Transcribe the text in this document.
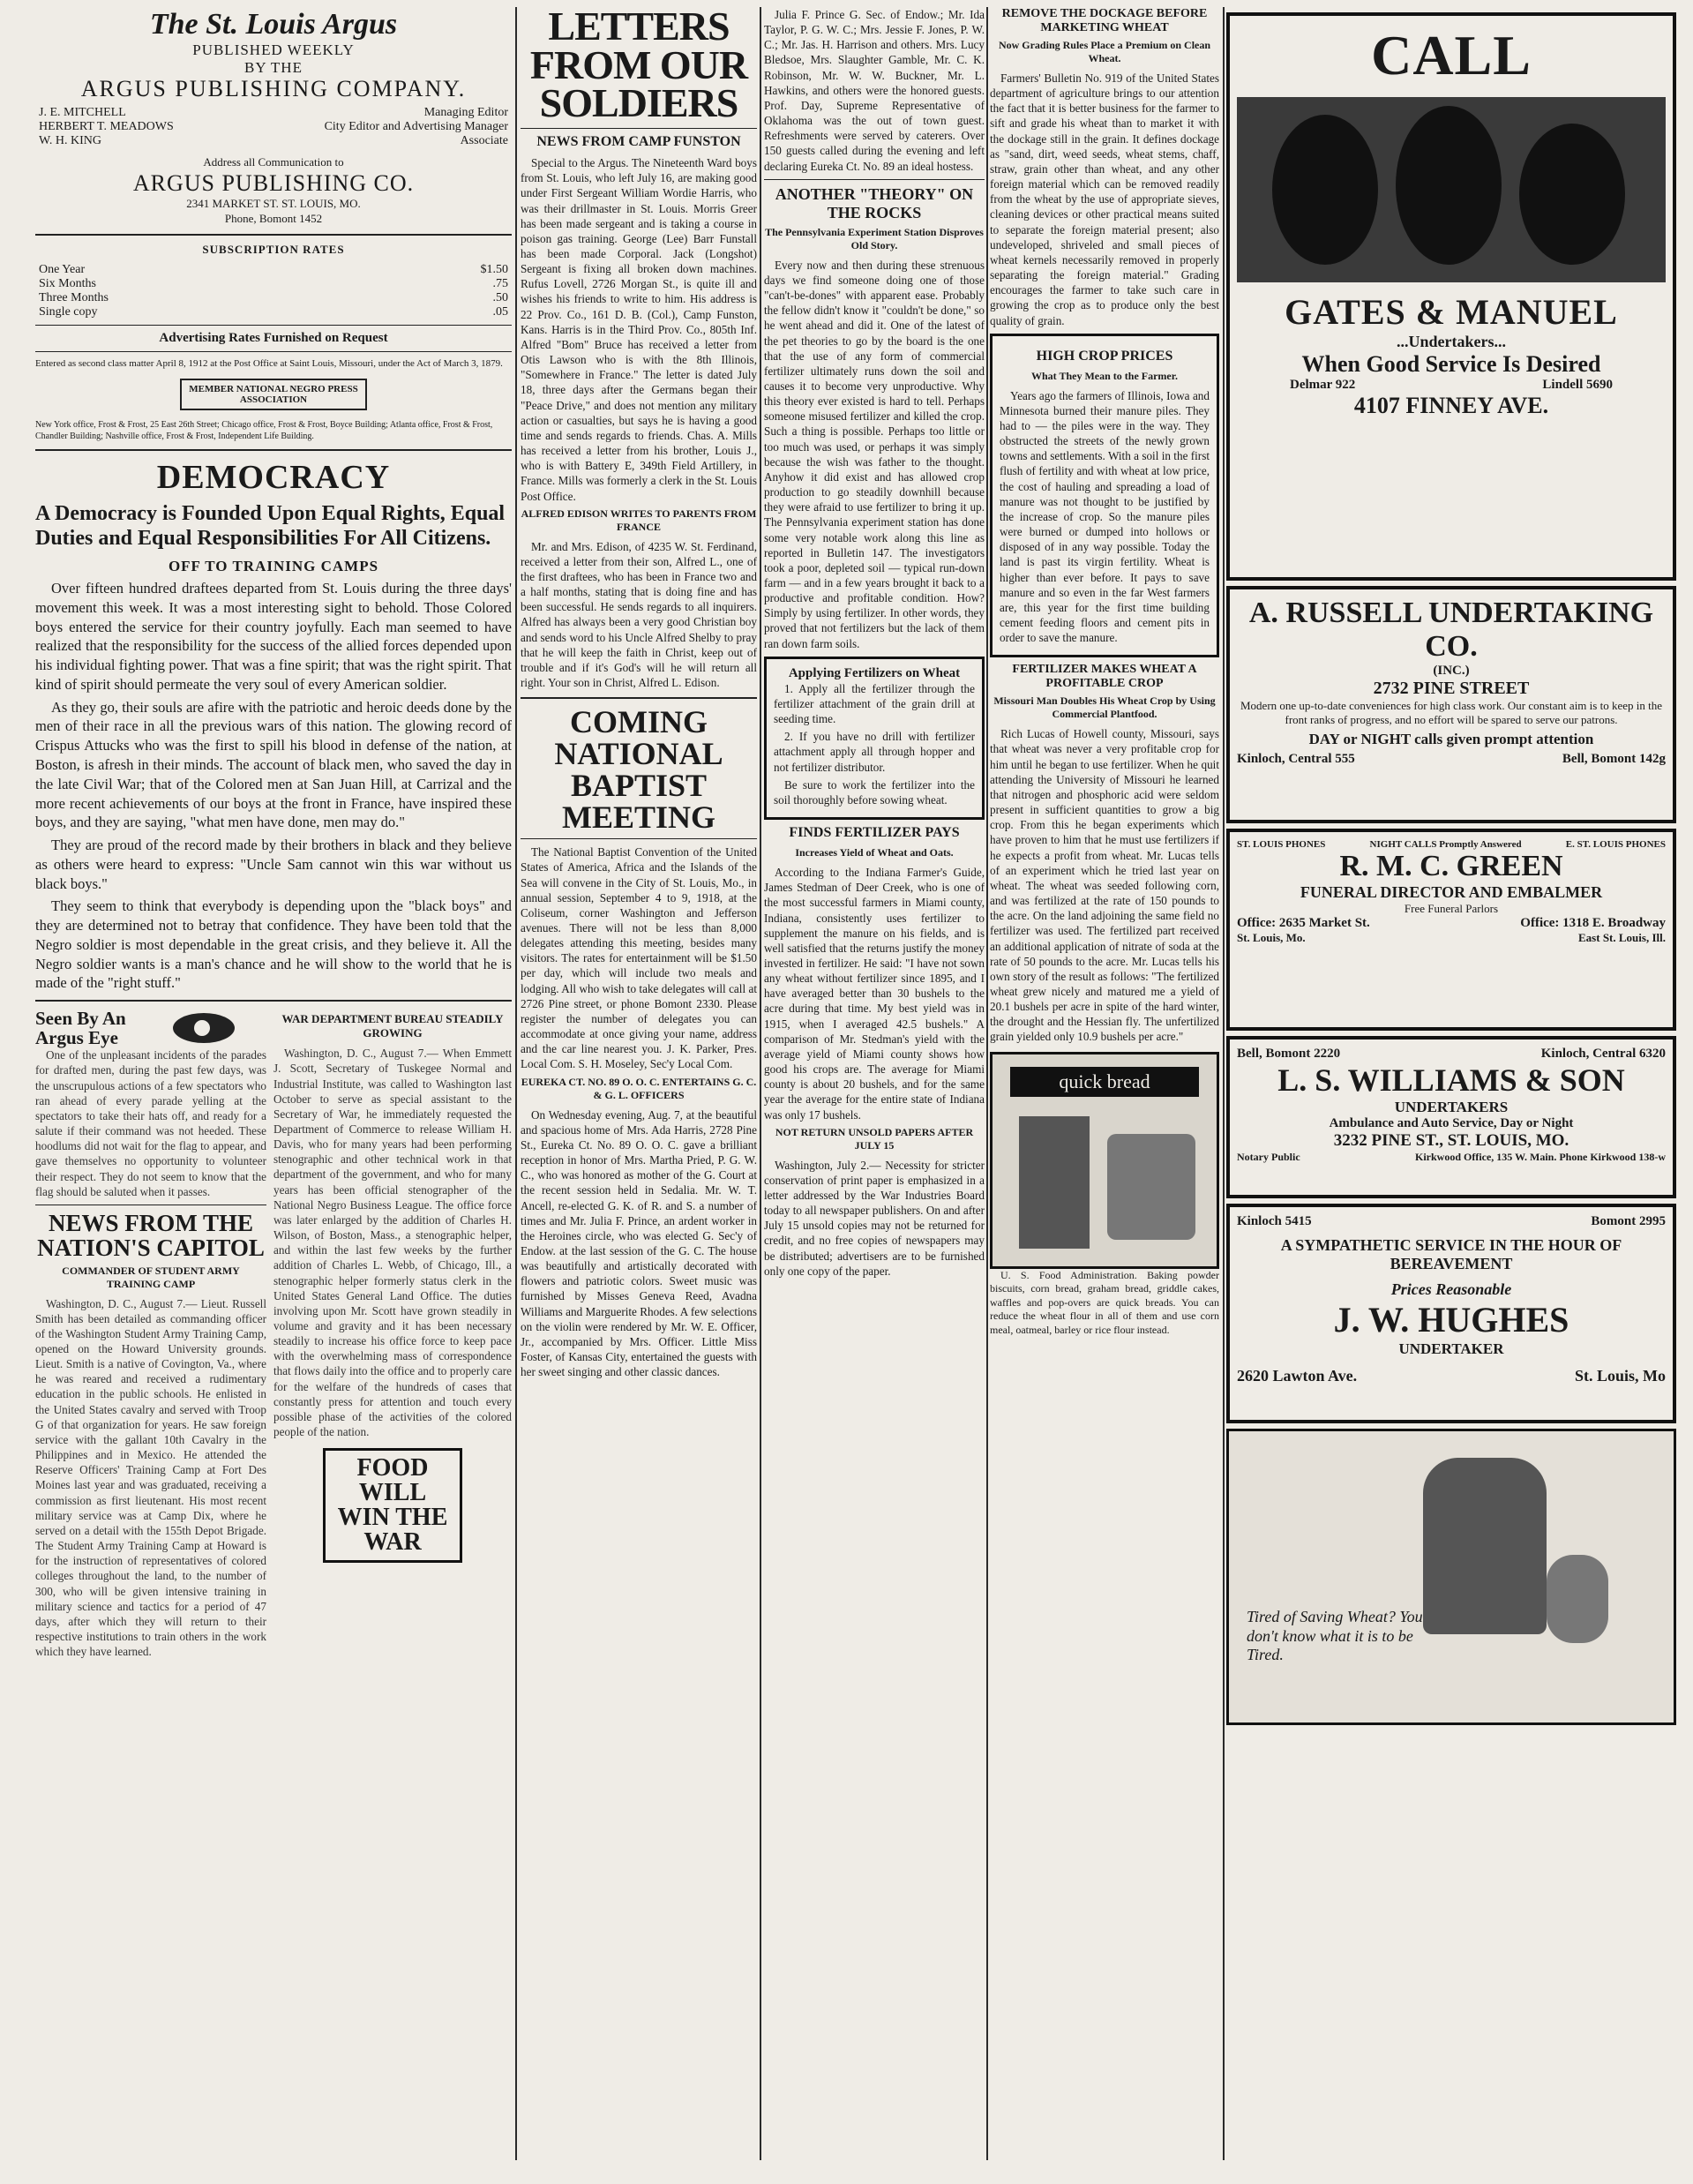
The St. Louis Argus
PUBLISHED WEEKLY
BY THE
ARGUS PUBLISHING COMPANY.
J. E. MITCHELL	Managing Editor
HERBERT T. MEADOWS	City Editor and Advertising Manager
W. H. KING	Associate
Address all Communication to
ARGUS PUBLISHING CO.
2341 MARKET ST. ST. LOUIS, MO.
Phone, Bomont 1452
SUBSCRIPTION RATES
One Year	$1.50
Six Months	.75
Three Months	.50
Single copy	.05
Advertising Rates Furnished on Request
Entered as second class matter April 8, 1912 at the Post Office at Saint Louis, Missouri, under the Act of March 3, 1879.
MEMBER NATIONAL NEGRO PRESS ASSOCIATION
New York office, Frost & Frost, 25 East 26th Street; Chicago office, Frost & Frost, Boyce Building; Atlanta office, Frost & Frost, Chandler Building; Nashville office, Frost & Frost, Independent Life Building.
DEMOCRACY
A Democracy is Founded Upon Equal Rights, Equal Duties and Equal Responsibilities For All Citizens.
OFF TO TRAINING CAMPS

Over fifteen hundred draftees departed from St. Louis during the three days' movement this week. It was a most interesting sight to behold. Those Colored boys entered the service for their country joyfully. Each man seemed to have realized that the responsibility for the success of the allied forces depended upon his individual fighting power. That was a fine spirit; that was the right spirit. That kind of spirit should permeate the very soul of every American soldier.

As they go, their souls are afire with the patriotic and heroic deeds done by the men of their race in all the previous wars of this nation. The glowing record of Crispus Attucks who was the first to spill his blood in defense of the nation, at Boston, is afresh in their minds. The account of black men, who saved the day in the late Civil War; that of the Colored men at San Juan Hill, at Carrizal and the more recent achievements of our boys at the front in France, have inspired these boys, and they are saying, "what men have done, men may do."

They are proud of the record made by their brothers in black and they believe as others were heard to express: "Uncle Sam cannot win this war without us black boys."

They seem to think that everybody is depending upon the "black boys" and they are determined not to betray that confidence. They have been told that the Negro soldier is most dependable in the great crisis, and they believe it. All the Negro soldier wants is a man's chance and he will show to the world that he is made of the "right stuff."

Seen By An Argus Eye

One of the unpleasant incidents of the parades for drafted men, during the past few days, was the unscrupulous actions of a few spectators who ran ahead of every parade yelling at the spectators to take their hats off, and ready for a salute if their command was not heeded. These hoodlums did not wait for the flag to appear, and gave themselves no opportunity to volunteer their respect. They do not seem to know that the flag should be saluted when it passes.

NEWS FROM THE NATION'S CAPITOL
COMMANDER OF STUDENT ARMY TRAINING CAMP

Washington, D. C., August 7.— Lieut. Russell Smith has been detailed as commanding officer of the Washington Student Army Training Camp, opened on the Howard University grounds. Lieut. Smith is a native of Covington, Va., where he was reared and received a rudimentary education in the public schools. He enlisted in the United States cavalry and served with Troop G of that organization for years. He saw foreign service with the gallant 10th Cavalry in the Philippines and in Mexico. He attended the Reserve Officers' Training Camp at Fort Des Moines last year and was graduated, receiving a commission as first lieutenant. His most recent military service was at Camp Dix, where he served on a detail with the 155th Depot Brigade. The Student Army Training Camp at Howard is for the instruction of representatives of colored colleges throughout the land, to the number of 300, who will be given intensive training in military science and tactics for a period of 47 days, after which they will return to their respective institutions to train others in the work which they have learned.

WAR DEPARTMENT BUREAU STEADILY GROWING

Washington, D. C., August 7.— When Emmett J. Scott, Secretary of Tuskegee Normal and Industrial Institute, was called to Washington last October to serve as special assistant to the Secretary of War, he immediately requested the Department of Commerce to release William H. Davis, who for many years had been performing stenographic and other technical work in that department of the government, and who for many years has been official stenographer of the National Negro Business League. The office force was later enlarged by the addition of Charles H. Wilson, of Boston, Mass., a stenographic helper, and within the last few weeks by the further addition of Charles L. Webb, of Chicago, Ill., a stenographic helper formerly status clerk in the United States General Land Office. The duties involving upon Mr. Scott have grown steadily in volume and gravity and it has been necessary steadily to increase his office force to keep pace with the overwhelming mass of correspondence that flows daily into the office and to properly care for the welfare of the hundreds of cases that constantly press for attention and touch every possible phase of the activities of the colored people of the nation.

FOOD WILL WIN THE WAR
LETTERS FROM OUR SOLDIERS
NEWS FROM CAMP FUNSTON

Special to the Argus. The Nineteenth Ward boys from St. Louis, who left July 16, are making good under First Sergeant William Wordie Harris, who was their drillmaster in St. Louis. Morris Greer has been made sergeant and is taking a course in poison gas training. George (Lee) Barr Funstall has been made Corporal. Jack (Longshot) Sergeant is fixing all broken down machines. Rufus Lovell, 2726 Morgan St., is quite ill and wishes his friends to write to him. His address is 22 Prov. Co., 161 D. B. (Col.), Camp Funston, Kans. Harris is in the Third Prov. Co., 805th Inf. Alfred "Bom" Bruce has received a letter from Otis Lawson who is with the 8th Illinois, "Somewhere in France." The letter is dated July 18, three days after the Germans began their "Peace Drive," and does not mention any military action or casualties, but says he is having a good time and sends regards to friends. Chas. A. Mills has received a letter from his brother, Louis J., who is with Battery E, 349th Field Artillery, in France. Mills was formerly a clerk in the St. Louis Post Office.

ALFRED EDISON WRITES TO PARENTS FROM FRANCE

Mr. and Mrs. Edison, of 4235 W. St. Ferdinand, received a letter from their son, Alfred L., one of the first draftees, who has been in France two and a half months, stating that is doing fine and has been successful. He sends regards to all inquirers. Alfred has always been a very good Christian boy and sends word to his Uncle Alfred Shelby to pray that he will keep the faith in Christ, keep out of trouble and if it's God's will he will return all right. Your son in Christ, Alfred L. Edison.

COMING NATIONAL BAPTIST MEETING

The National Baptist Convention of the United States of America, Africa and the Islands of the Sea will convene in the City of St. Louis, Mo., in annual session, September 4 to 9, 1918, at the Coliseum, corner Washington and Jefferson avenues. There will not be less than 8,000 delegates attending this meeting, besides many visitors. The rates for entertainment will be $1.50 per day, which will include two meals and lodging. All who wish to take delegates will call at 2726 Pine street, or phone Bomont 2330. Please register the number of delegates you can accommodate at once giving your name, address and the car line nearest you. J. K. Parker, Pres. Local Com. S. H. Moseley, Sec'y Local Com.

EUREKA CT. NO. 89 O. O. C. ENTERTAINS G. C. & G. L. OFFICERS

On Wednesday evening, Aug. 7, at the beautiful and spacious home of Mrs. Ada Harris, 2728 Pine St., Eureka Ct. No. 89 O. O. C. gave a brilliant reception in honor of Mrs. Martha Pried, P. G. W. C., who was honored as mother of the G. Court at the recent session held in Sedalia. Mr. W. T. Ancell, re-elected G. K. of R. and S. a number of times and Mr. Julia F. Prince, an ardent worker in the Heroines circle, who was elected G. Sec'y of Endow. at the last session of the G. C. The house was beautifully and artistically decorated with flowers and patriotic colors. Sweet music was furnished by Misses Geneva Reed, Avadna Williams and Marguerite Rhodes. A few selections on the violin were rendered by Mr. W. E. Officer, Jr., accompanied by Mrs. Officer. Little Miss Foster, of Kansas City, entertained the guests with her sweet singing and other classic dances.

Julia F. Prince G. Sec. of Endow.; Mr. Ida Taylor, P. G. W. C.; Mrs. Jessie F. Jones, P. W. C.; Mr. Jas. H. Harrison and others. Mrs. Lucy Bledsoe, Mrs. Slaughter Gamble, Mr. C. K. Robinson, Mr. W. W. Buckner, Mr. L. Hawkins, and others were the honored guests. Prof. Day, Supreme Representative of Oklahoma was the out of town guest. Refreshments were served by caterers. Over 150 guests called during the evening and left declaring Eureka Ct. No. 89 an ideal hostess.

ANOTHER "THEORY" ON THE ROCKS
The Pennsylvania Experiment Station Disproves Old Story.

Every now and then during these strenuous days we find someone doing one of those "can't-be-dones" with apparent ease. Probably the fellow didn't know it "couldn't be done," so he went ahead and did it. One of the latest of the pet theories to go by the board is the one that the use of any form of commercial fertilizer ultimately runs down the soil and causes it to become very unproductive. Why this theory ever existed is hard to tell. Perhaps someone misused fertilizer and killed the crop. Such a thing is possible. Perhaps too little or too much was used, or perhaps it was simply because the wish was father to the thought. Anyhow it did exist and has allowed crop production to go steadily downhill because they were afraid to use fertilizer to bring it up. The Pennsylvania experiment station has done some very notable work along this line as reported in Bulletin 147. The investigators took a poor, depleted soil — typical run-down farm — and in a few years brought it back to a productive and profitable condition. How? Simply by using fertilizer. In other words, they proved that not fertilizers but the lack of them ran down farm soils.

Applying Fertilizers on Wheat

1. Apply all the fertilizer through the fertilizer attachment of the grain drill at seeding time.

2. If you have no drill with fertilizer attachment apply all through hopper and not fertilizer distributor.

Be sure to work the fertilizer into the soil thoroughly before sowing wheat.

FINDS FERTILIZER PAYS
Increases Yield of Wheat and Oats.

According to the Indiana Farmer's Guide, James Stedman of Deer Creek, who is one of the most successful farmers in Miami county, Indiana, consistently uses fertilizer to supplement the manure on his fields, and is well satisfied that the returns justify the money invested in fertilizer. He said: "I have not sown any wheat without fertilizer since 1895, and I have averaged better than 30 bushels to the acre during that time. My best yield was in 1915, when I averaged 42.5 bushels." A comparison of Mr. Stedman's yield with the average yield of Miami county shows how good his crops are. The average for Miami county is about 20 bushels, and for the same year the average for the entire state of Indiana was only 17 bushels.

NOT RETURN UNSOLD PAPERS AFTER JULY 15

Washington, July 2.— Necessity for stricter conservation of print paper is emphasized in a letter addressed by the War Industries Board today to all newspaper publishers. On and after July 15 unsold copies may not be returned for credit, and no free copies of newspapers may be distributed; advertisers are to be furnished only one copy of the paper.

REMOVE THE DOCKAGE BEFORE MARKETING WHEAT
Now Grading Rules Place a Premium on Clean Wheat.

Farmers' Bulletin No. 919 of the United States department of agriculture brings to our attention the fact that it is better business for the farmer to sift and grade his wheat than to market it with the dockage still in the grain. It defines dockage as "sand, dirt, weed seeds, wheat stems, chaff, straw, grain other than wheat, and any other foreign material which can be removed readily from the wheat by the use of appropriate sieves, cleaning devices or other practical means suited to separate the foreign material present; also undeveloped, shriveled and small pieces of wheat kernels necessarily removed in properly separating the foreign material." Grading encourages the farmer to take such care in growing the crop as to produce only the best quality of grain.

HIGH CROP PRICES
What They Mean to the Farmer.

Years ago the farmers of Illinois, Iowa and Minnesota burned their manure piles. They had to — the piles were in the way. They obstructed the streets of the newly grown towns and settlements. With a soil in the first flush of fertility and with wheat at low price, the cost of hauling and spreading a load of manure was not thought to be justified by the increase of crop. So the manure piles were burned or dumped into hollows or disposed of in any way possible. Today the land is past its virgin fertility. Wheat is higher than ever before. It pays to save manure and so even in the far West farmers are, this year for the first time building cement feeding floors and cement pits in order to save the manure.

FERTILIZER MAKES WHEAT A PROFITABLE CROP
Missouri Man Doubles His Wheat Crop by Using Commercial Plantfood.

Rich Lucas of Howell county, Missouri, says that wheat was never a very profitable crop for him until he began to use fertilizer. When he quit attending the University of Missouri he learned that nitrogen and phosphoric acid were seldom present in sufficient quantities to grow a big crop. From this he began experiments which have proven to him that he must use fertilizers if he expects a profit from wheat. Mr. Lucas tells of an experiment which he tried last year on wheat. The wheat was seeded following corn, and was fertilized at the rate of 150 pounds to the acre. On the land adjoining the same field no fertilizer was used. The fertilized part received an additional application of nitrate of soda at the rate of 50 pounds to the acre. Mr. Lucas tells his own story of the result as follows: "The fertilized wheat grew nicely and matured me a yield of 20.1 bushels per acre in spite of the hard winter, the drought and the Hessian fly. The unfertilized grain yielded only 10.9 bushels per acre."

quick bread

U. S. Food Administration. Baking powder biscuits, corn bread, graham bread, griddle cakes, waffles and pop-overs are quick breads. You can reduce the wheat flour in all of them and use corn meal, oatmeal, barley or rice flour instead.

CALL
GATES & MANUEL
...Undertakers...
When Good Service Is Desired
Delmar 922	Lindell 5690
4107 FINNEY AVE.
A. RUSSELL UNDERTAKING CO.
(INC.)
2732 PINE STREET
Modern one up-to-date conveniences for high class work. Our constant aim is to keep in the front ranks of progress, and no effort will be spared to serve our patrons.
DAY or NIGHT calls given prompt attention
Kinloch, Central 555	Bell, Bomont 142g
ST. LOUIS PHONES	NIGHT CALLS Promptly Answered	E. ST. LOUIS PHONES
R. M. C. GREEN
FUNERAL DIRECTOR AND EMBALMER
Free Funeral Parlors
Office: 2635 Market St.	Office: 1318 E. Broadway
St. Louis, Mo.	East St. Louis, Ill.
Bell, Bomont 2220	Kinloch, Central 6320
L. S. WILLIAMS & SON
UNDERTAKERS
Ambulance and Auto Service, Day or Night
3232 PINE ST., ST. LOUIS, MO.
Notary Public	Kirkwood Office, 135 W. Main. Phone Kirkwood 138-w
Kinloch 5415	Bomont 2995
A SYMPATHETIC SERVICE IN THE HOUR OF BEREAVEMENT
Prices Reasonable
J. W. HUGHES
UNDERTAKER
2620 Lawton Ave.	St. Louis, Mo
Tired of Saving Wheat? You don't know what it is to be Tired.
